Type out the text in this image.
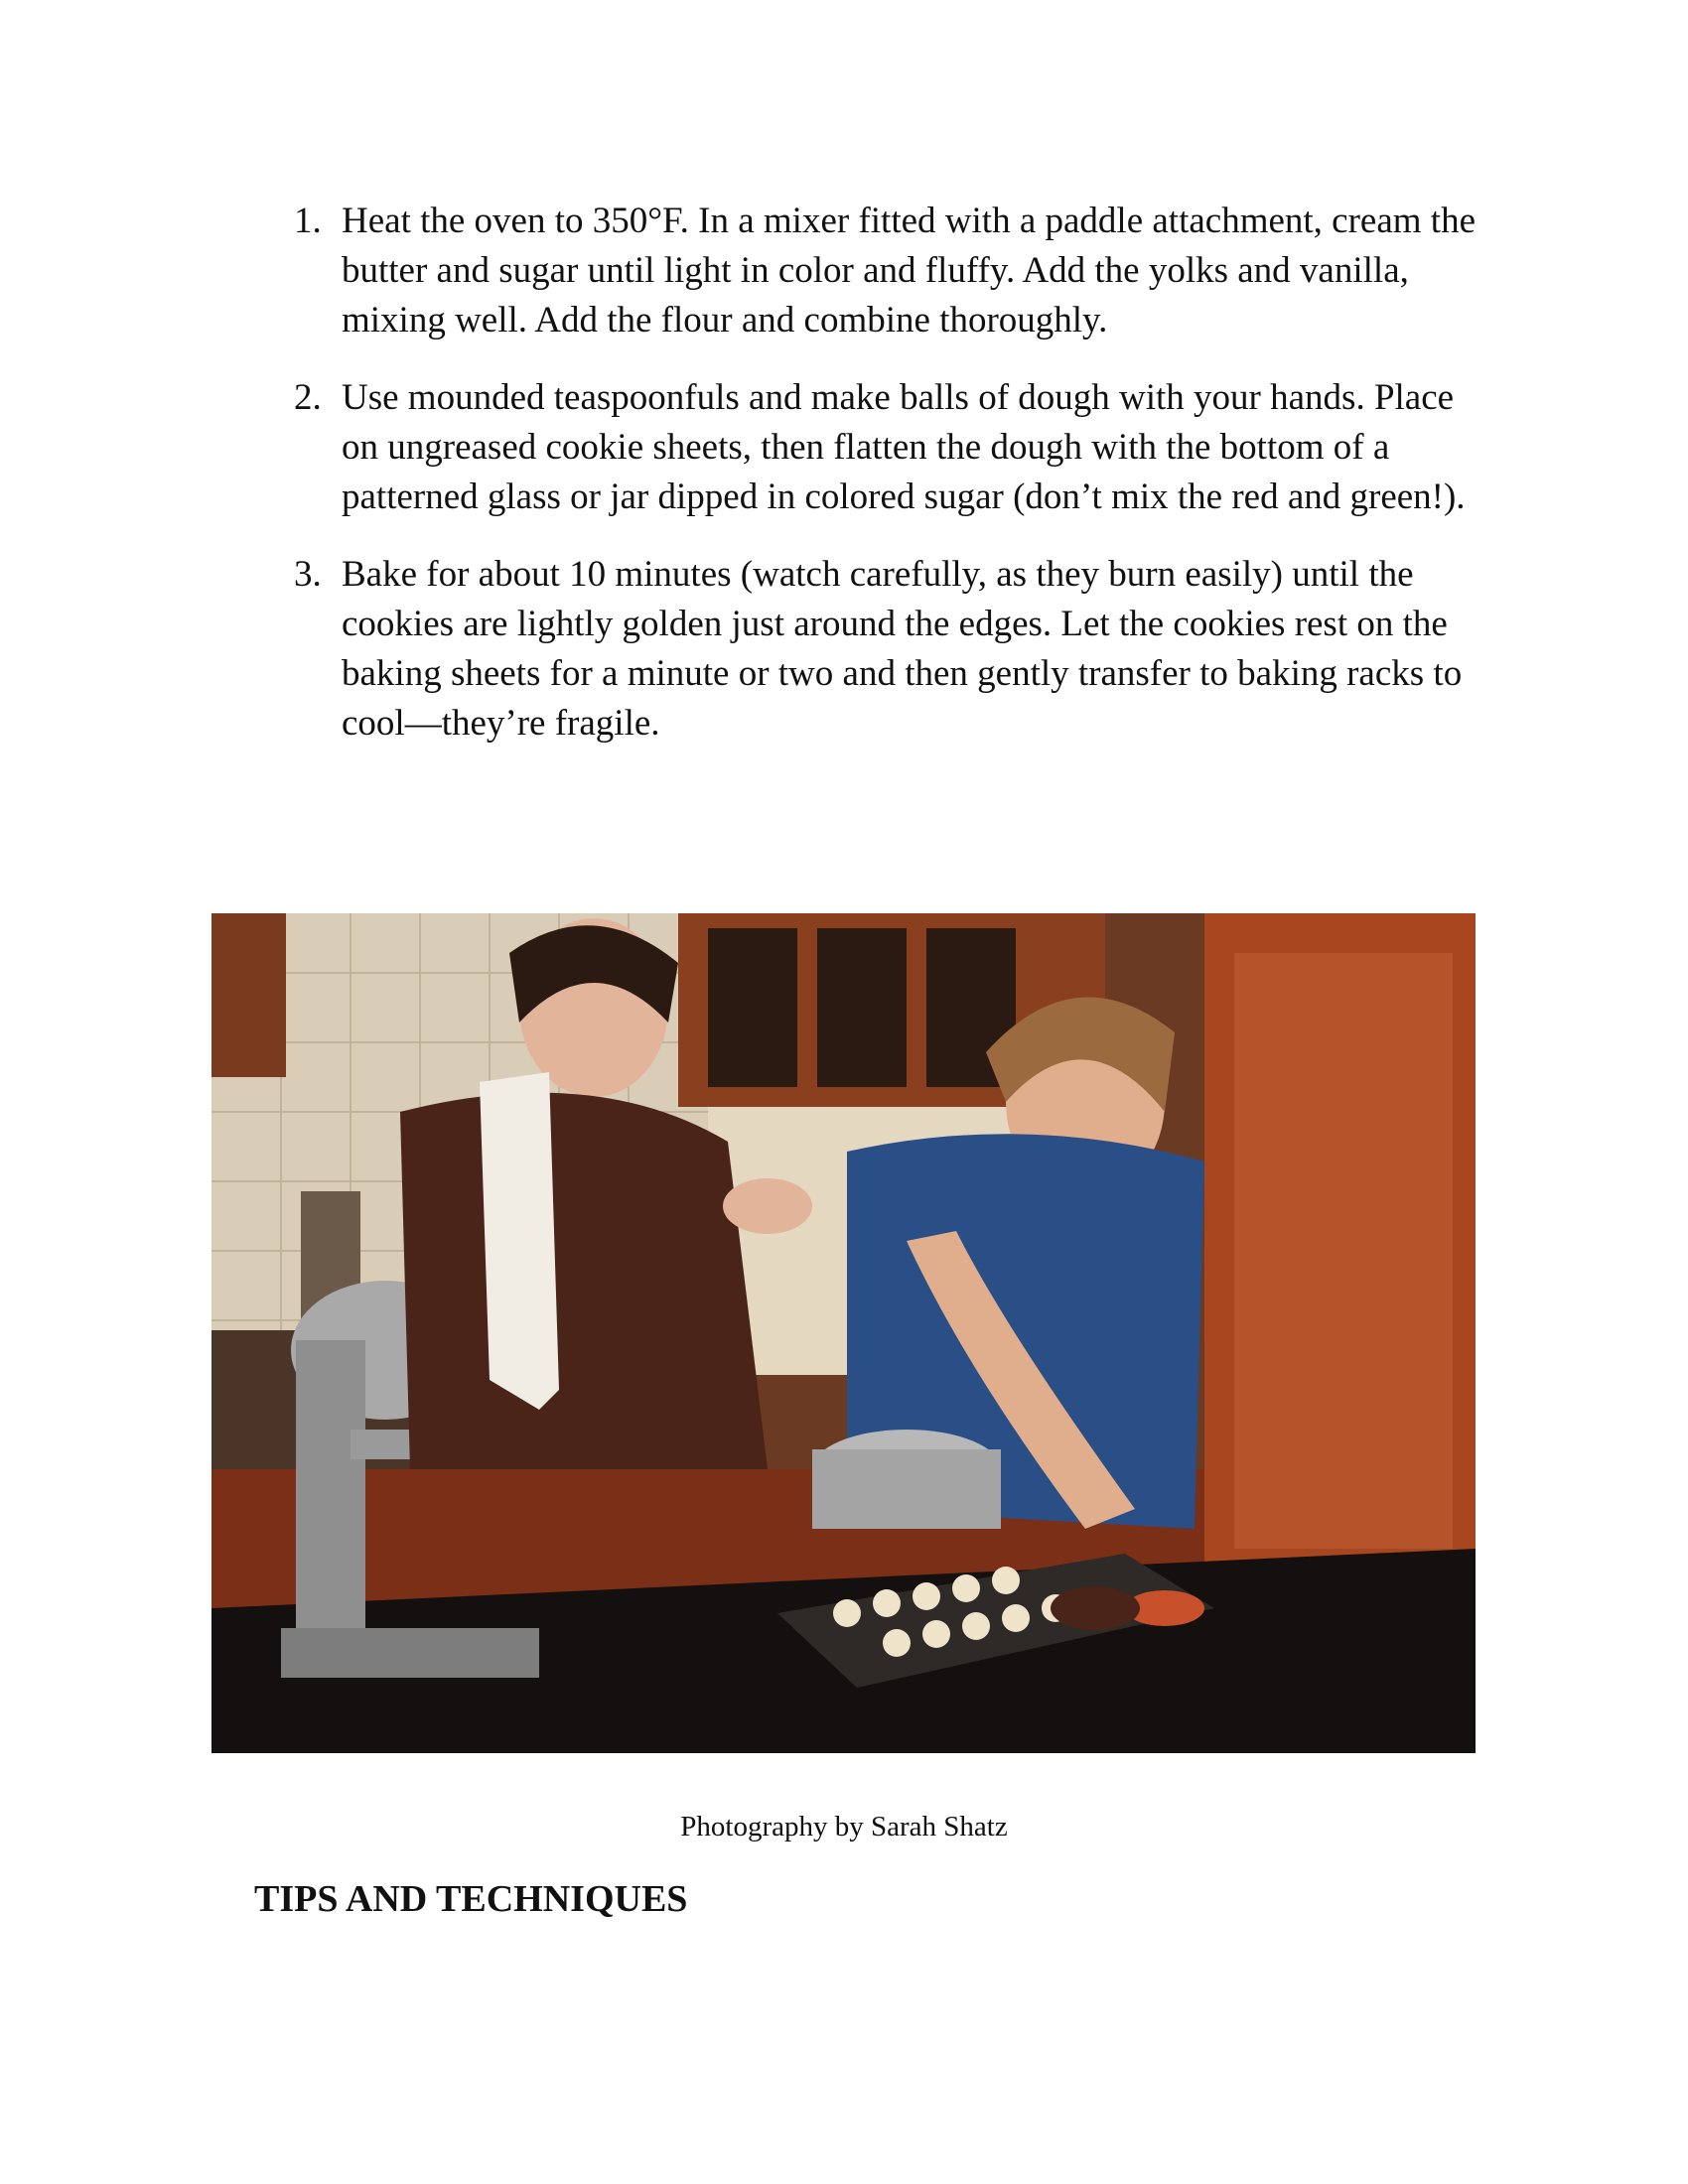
1. Heat the oven to 350°F. In a mixer fitted with a paddle attachment, cream the butter and sugar until light in color and fluffy. Add the yolks and vanilla, mixing well. Add the flour and combine thoroughly.
2. Use mounded teaspoonfuls and make balls of dough with your hands. Place on ungreased cookie sheets, then flatten the dough with the bottom of a patterned glass or jar dipped in colored sugar (don’t mix the red and green!).
3. Bake for about 10 minutes (watch carefully, as they burn easily) until the cookies are lightly golden just around the edges. Let the cookies rest on the baking sheets for a minute or two and then gently transfer to baking racks to cool—they’re fragile.
Photography by Sarah Shatz
TIPS AND TECHNIQUES
